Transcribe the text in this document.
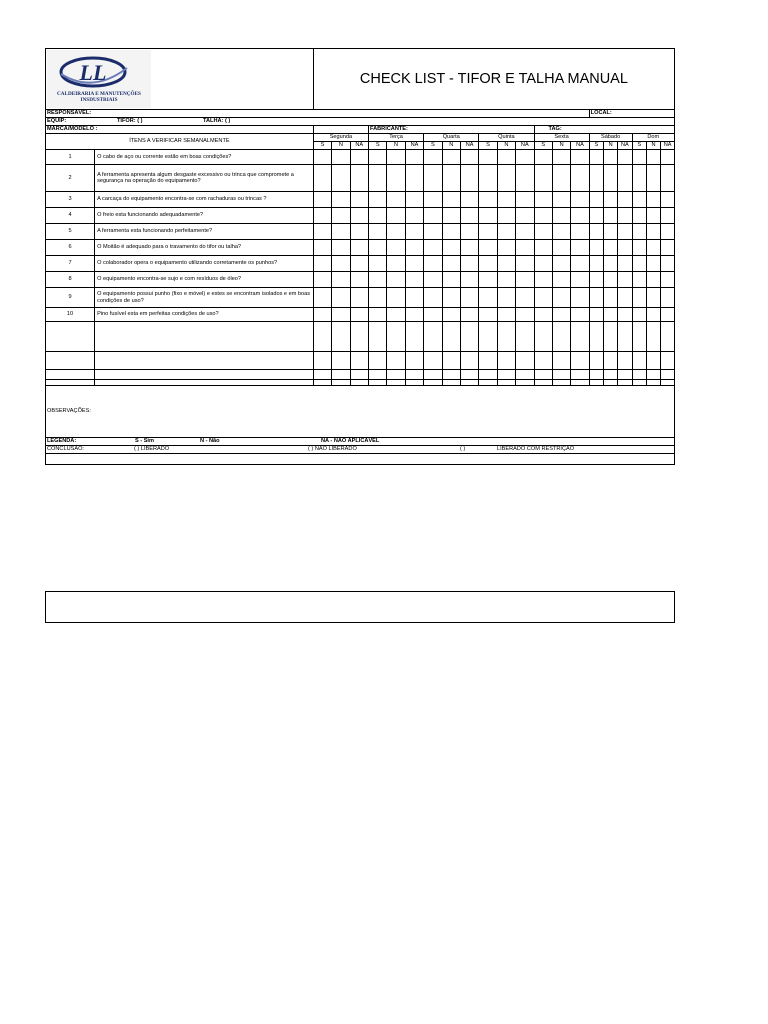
LL
CALDEIRARIA E MANUTENÇÕES
INSDUSTRIAIS		CHECK LIST - TIFOR E TALHA MANUAL																				
RESPONSÁVEL:																	LOCAL:					
EQUIP: TIFOR: ( ) TALHA: ( )																						
MARCA/MODELO :					FABRICANTE:									TAG:								
ÍTENS A VERIFICAR SEMANALMENTE		Segunda			Terça			Quarta			Quinta			Sexta			Sábado			Dom		
		S	N	NA	S	N	NA	S	N	NA	S	N	NA	S	N	NA	S	N	NA	S	N	NA
1	O cabo de aço ou corrente estão em boas condições?																					
2	A ferramenta apresenta algum desgaste excessivo ou trinca que compromete a segurança na operação do equipamento?																					
3	A carcaça do equipamento encontra-se com rachaduras ou trincas ?																					
4	O freio esta funcionando adequadamente?																					
5	A ferramenta esta funcionando perfeitamente?																					
6	O Moitão é adequado para o travamento do tifor ou talha?																					
7	O colaborador opera o equipamento utilizando corretamente os punhos?																					
8	O equipamento encontra-se sujo e com resíduos de óleo?																					
9	O equipamento possui punho (fixo e móvel) e estes se encontram isolados e em boas condições de uso?																					
10	Pino fusível esta em perfeitas condições de uso?																					

OBSERVAÇÕES:																						
LEGENDA: S - Sim N - Não NA - NÃO APLICÁVEL																						
CONCLUSÃO: ( ) LIBERADO ( ) NÃO LIBERADO ( ) LIBERADO COM RESTRIÇÃO																						
